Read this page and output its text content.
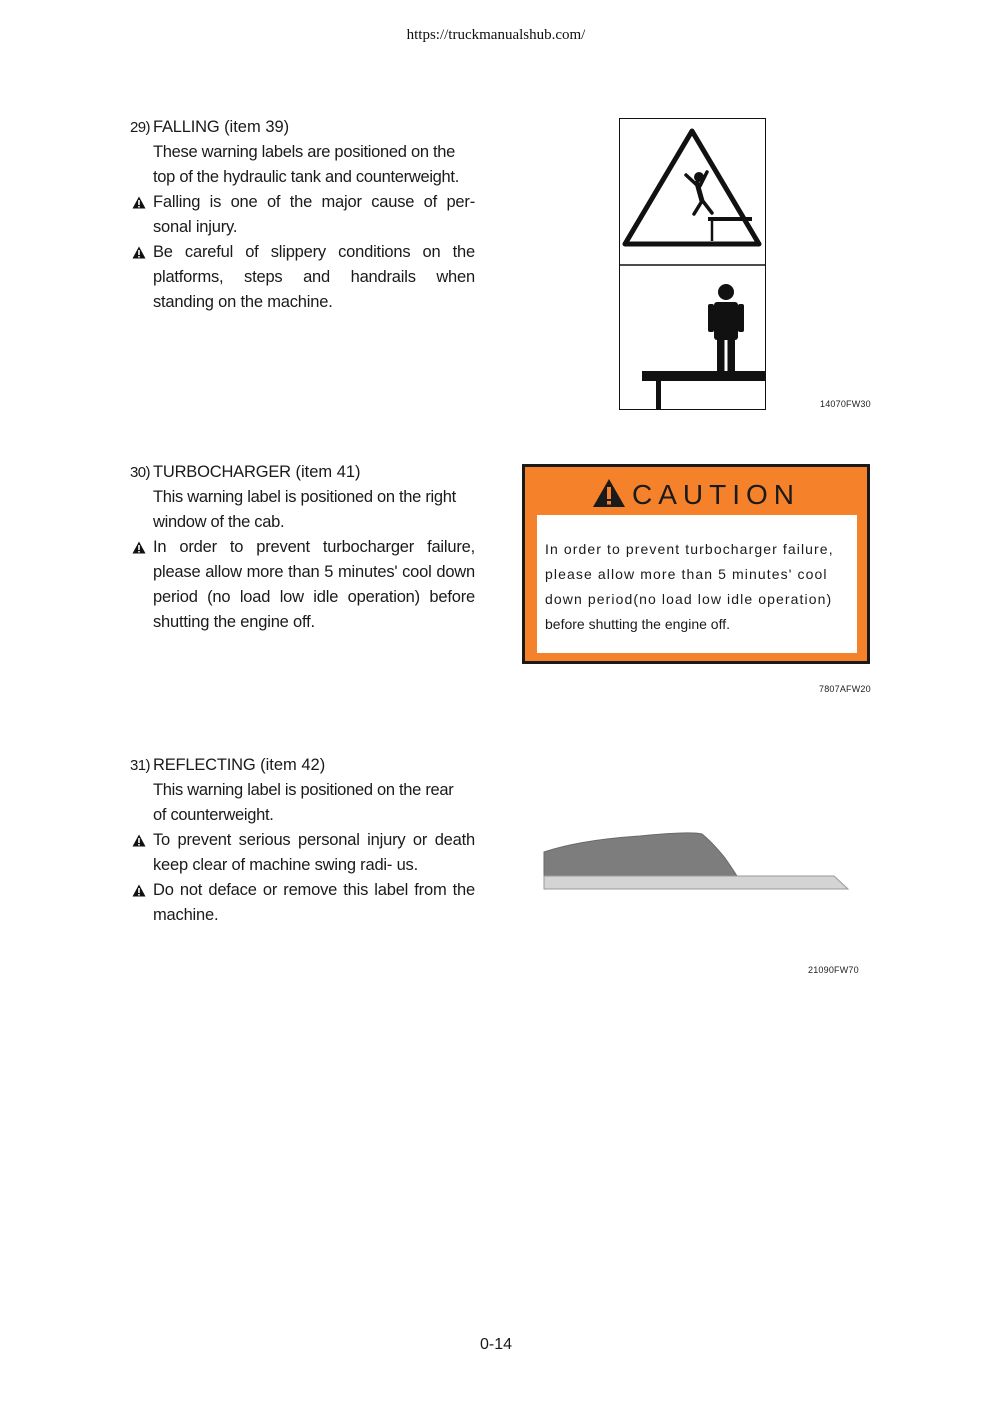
https://truckmanualshub.com/
29) FALLING (item 39)
These warning labels are positioned on the
top of the hydraulic tank and counterweight.
Falling is one of the major cause of per- sonal injury.
Be careful of slippery conditions on the platforms, steps and handrails when standing on the machine.
14070FW30
30) TURBOCHARGER (item 41)
This warning label is positioned on the right
window of the cab.
In order to prevent turbocharger failure, please allow more than 5 minutes' cool down period (no load low idle operation) before shutting the engine off.
CAUTION
In order to prevent turbocharger failure,
please allow more than 5 minutes' cool
down period(no load low idle operation)
before shutting the engine off.
7807AFW20
31) REFLECTING (item 42)
This warning label is positioned on the rear
of counterweight.
To prevent serious personal injury or death keep clear of machine swing radi- us.
Do not deface or remove this label from the machine.
21090FW70
0-14
